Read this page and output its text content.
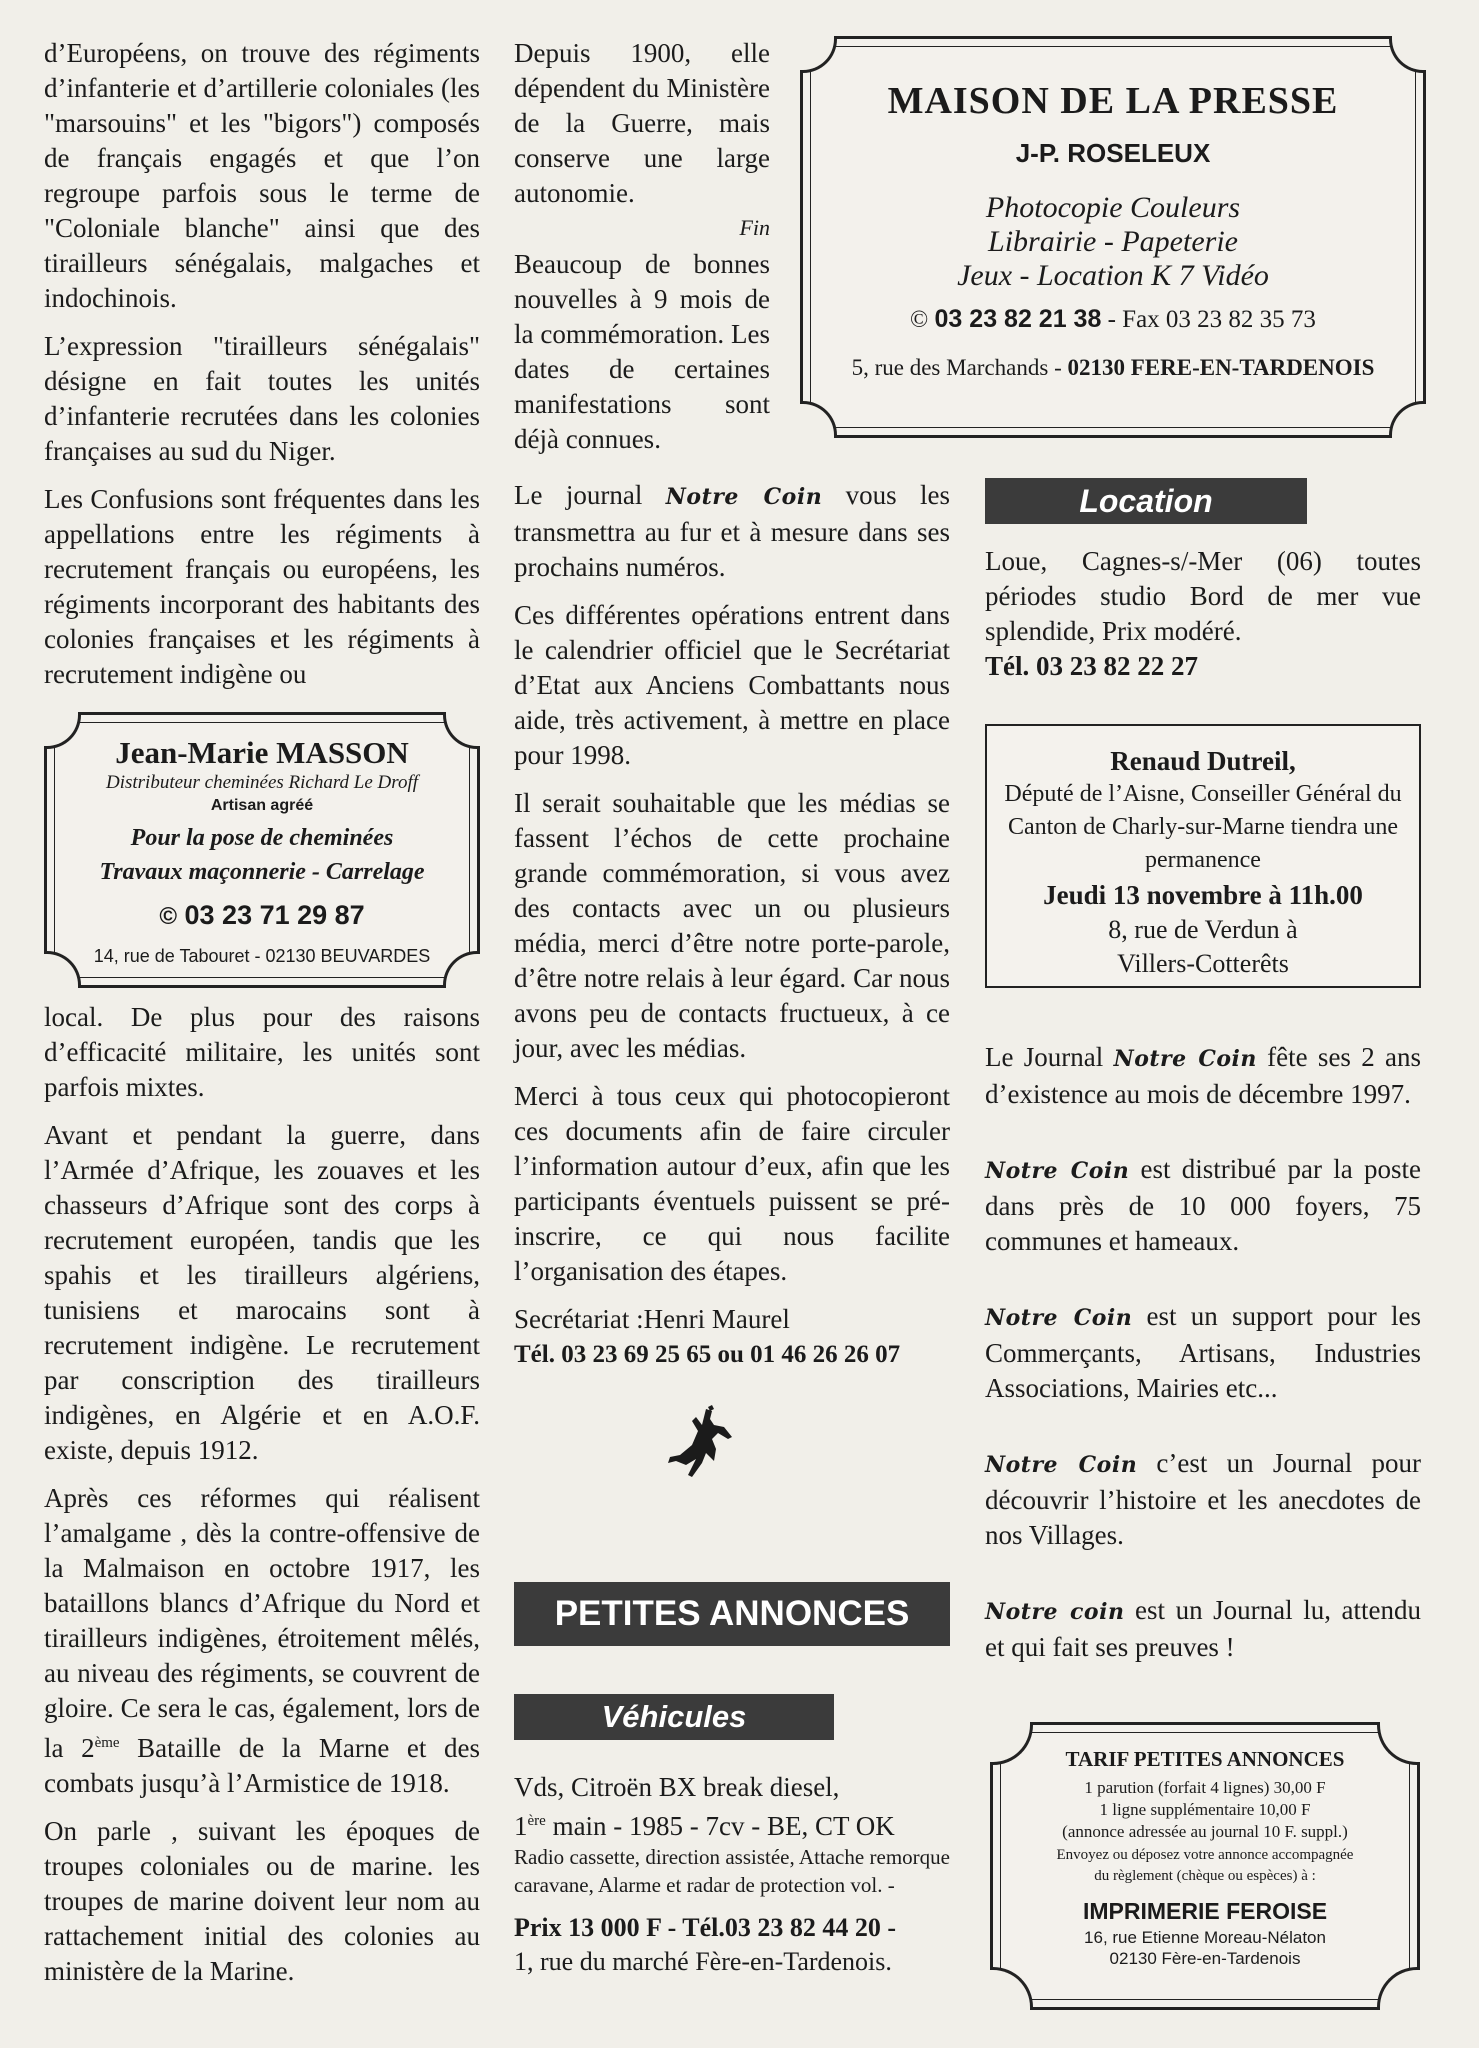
d’Européens, on trouve des régiments d’infanterie et d’artillerie coloniales (les "marsouins" et les "bigors") composés de français engagés et que l’on regroupe parfois sous le terme de "Coloniale blanche" ainsi que des tirailleurs sénégalais, malgaches et indochinois.

L’expression "tirailleurs sénégalais" désigne en fait toutes les unités d’infanterie recrutées dans les colonies françaises au sud du Niger.

Les Confusions sont fréquentes dans les appellations entre les régiments à recrutement français ou européens, les régiments incorporant des habitants des colonies françaises et les régiments à recrutement indigène ou

Jean-Marie MASSON
Distributeur cheminées Richard Le Droff
Artisan agréé
Pour la pose de cheminées
Travaux maçonnerie - Carrelage
© 03 23 71 29 87
14, rue de Tabouret - 02130 BEUVARDES

local. De plus pour des raisons d’efficacité militaire, les unités sont parfois mixtes.

Avant et pendant la guerre, dans l’Armée d’Afrique, les zouaves et les chasseurs d’Afrique sont des corps à recrutement européen, tandis que les spahis et les tirailleurs algériens, tunisiens et marocains sont à recrutement indigène. Le recrutement par conscription des tirailleurs indigènes, en Algérie et en A.O.F. existe, depuis 1912.

Après ces réformes qui réalisent l’amalgame , dès la contre-offensive de la Malmaison en octobre 1917, les bataillons blancs d’Afrique du Nord et tirailleurs indigènes, étroitement mêlés, au niveau des régiments, se couvrent de gloire. Ce sera le cas, également, lors de la 2ème Bataille de la Marne et des combats jusqu’à l’Armistice de 1918.

On parle , suivant les époques de troupes coloniales ou de marine. les troupes de marine doivent leur nom au rattachement initial des colonies au ministère de la Marine.

Depuis 1900, elle dépendent du Ministère de la Guerre, mais conserve une large autonomie.

Fin

Beaucoup de bonnes nouvelles à 9 mois de la commémoration. Les dates de certaines manifestations sont déjà connues.

Le journal Notre Coin vous les transmettra au fur et à mesure dans ses prochains numéros.

Ces différentes opérations entrent dans le calendrier officiel que le Secrétariat d’Etat aux Anciens Combattants nous aide, très activement, à mettre en place pour 1998.

Il serait souhaitable que les médias se fassent l’échos de cette prochaine grande commémoration, si vous avez des contacts avec un ou plusieurs média, merci d’être notre porte-parole, d’être notre relais à leur égard. Car nous avons peu de contacts fructueux, à ce jour, avec les médias.

Merci à tous ceux qui photocopieront ces documents afin de faire circuler l’information autour d’eux, afin que les participants éventuels puissent se pré-inscrire, ce qui nous facilite l’organisation des étapes.

Secrétariat :Henri Maurel

Tél. 03 23 69 25 65 ou 01 46 26 26 07

PETITES ANNONCES
Véhicules
Vds, Citroën BX break diesel,
1ère main - 1985 - 7cv - BE, CT OK
Radio cassette, direction assistée, Attache remorque caravane, Alarme et radar de protection vol. -
Prix 13 000 F - Tél.03 23 82 44 20 -
1, rue du marché Fère-en-Tardenois.
MAISON DE LA PRESSE
J-P. ROSELEUX
Photocopie Couleurs
Librairie - Papeterie
Jeux - Location K 7 Vidéo
© 03 23 82 21 38 - Fax 03 23 82 35 73
5, rue des Marchands - 02130 FERE-EN-TARDENOIS
Location

Loue, Cagnes-s/-Mer (06) toutes périodes studio Bord de mer vue splendide, Prix modéré.

Tél. 03 23 82 22 27

Renaud Dutreil,
Député de l’Aisne, Conseiller Général du Canton de Charly-sur-Marne tiendra une permanence
Jeudi 13 novembre à 11h.00
8, rue de Verdun à
Villers-Cotterêts

Le Journal Notre Coin fête ses 2 ans d’existence au mois de décembre 1997.

Notre Coin est distribué par la poste dans près de 10 000 foyers, 75 communes et hameaux.

Notre Coin est un support pour les Commerçants, Artisans, Industries Associations, Mairies etc...

Notre Coin c’est un Journal pour découvrir l’histoire et les anecdotes de nos Villages.

Notre coin est un Journal lu, attendu et qui fait ses preuves !

TARIF PETITES ANNONCES
1 parution (forfait 4 lignes) 30,00 F
1 ligne supplémentaire 10,00 F
(annonce adressée au journal 10 F. suppl.)
Envoyez ou déposez votre annonce accompagnée
du règlement (chèque ou espèces) à :
IMPRIMERIE FEROISE
16, rue Etienne Moreau-Nélaton
02130 Fère-en-Tardenois
